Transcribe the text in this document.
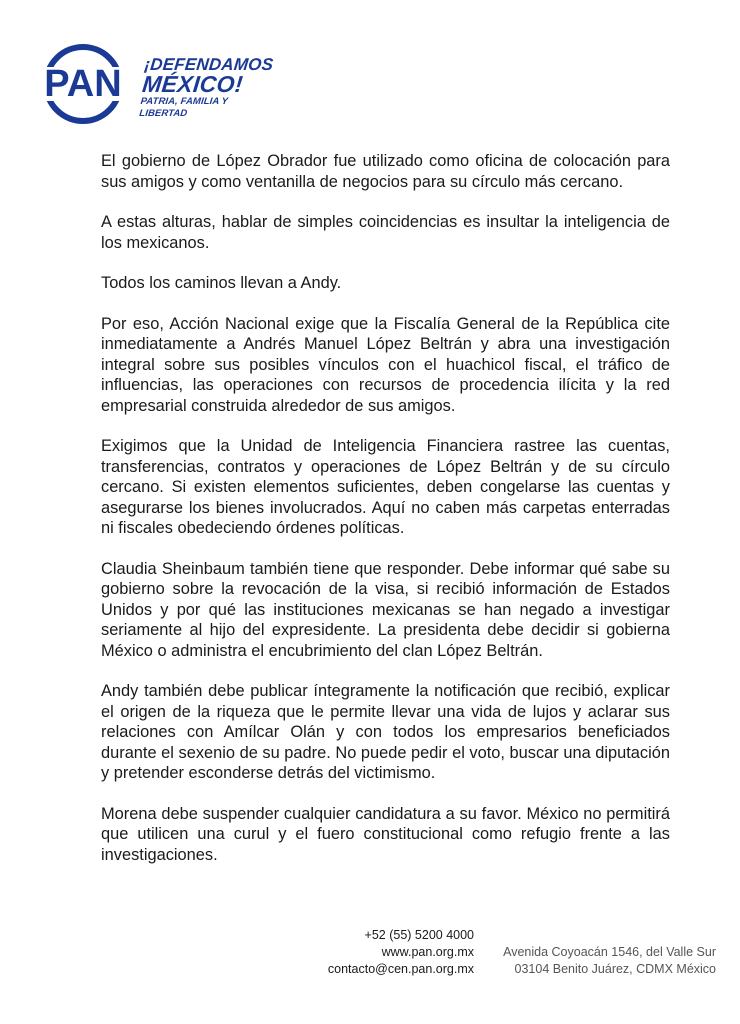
PAN ¡DEFENDAMOS
MÉXICO!
PATRIA, FAMILIA Y LIBERTAD

El gobierno de López Obrador fue utilizado como oficina de colocación para sus amigos y como ventanilla de negocios para su círculo más cercano.

A estas alturas, hablar de simples coincidencias es insultar la inteligencia de los mexicanos.

Todos los caminos llevan a Andy.

Por eso, Acción Nacional exige que la Fiscalía General de la República cite inmediatamente a Andrés Manuel López Beltrán y abra una investigación integral sobre sus posibles vínculos con el huachicol fiscal, el tráfico de influencias, las operaciones con recursos de procedencia ilícita y la red empresarial construida alrededor de sus amigos.

Exigimos que la Unidad de Inteligencia Financiera rastree las cuentas, transferencias, contratos y operaciones de López Beltrán y de su círculo cercano. Si existen elementos suficientes, deben congelarse las cuentas y asegurarse los bienes involucrados. Aquí no caben más carpetas enterradas ni fiscales obedeciendo órdenes políticas.

Claudia Sheinbaum también tiene que responder. Debe informar qué sabe su gobierno sobre la revocación de la visa, si recibió información de Estados Unidos y por qué las instituciones mexicanas se han negado a investigar seriamente al hijo del expresidente. La presidenta debe decidir si gobierna México o administra el encubrimiento del clan López Beltrán.

Andy también debe publicar íntegramente la notificación que recibió, explicar el origen de la riqueza que le permite llevar una vida de lujos y aclarar sus relaciones con Amílcar Olán y con todos los empresarios beneficiados durante el sexenio de su padre. No puede pedir el voto, buscar una diputación y pretender esconderse detrás del victimismo.

Morena debe suspender cualquier candidatura a su favor. México no permitirá que utilicen una curul y el fuero constitucional como refugio frente a las investigaciones.

+52 (55) 5200 4000
www.pan.org.mx
contacto@cen.pan.org.mx
Avenida Coyoacán 1546, del Valle Sur
03104 Benito Juárez, CDMX México
